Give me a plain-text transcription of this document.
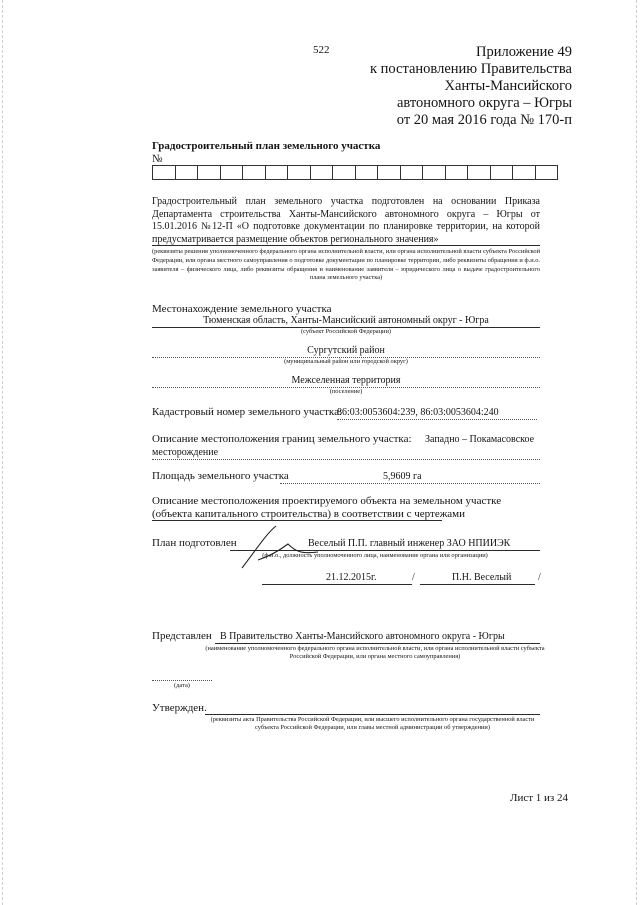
522	Приложение 49
к постановлению Правительства
Ханты-Мансийского
автономного округа – Югры
от 20 мая 2016 года № 170-п
Градостроительный план земельного участка
№
Градостроительный план земельного участка подготовлен на основании Приказа Департамента строительства Ханты-Мансийского автономного округа – Югры от 15.01.2016 №12-П «О подготовке документации по планировке территории, на которой предусматривается размещение объектов регионального значения»
(реквизиты решения уполномоченного федерального органа исполнительной власти, или органа исполнительной власти субъекта Российской Федерации, или органа местного самоуправления о подготовке документации по планировке территории, либо реквизиты обращения и ф.и.о. заявителя – физического лица, либо реквизиты обращения и наименование заявителя – юридического лица о выдаче градостроительного плана земельного участка)
Местонахождение земельного участка
Тюменская область, Ханты-Мансийский автономный округ - Югра
(субъект Российской Федерации)
Сургутский район
(муниципальный район или городской округ)
Межселенная территория
(поселение)
Кадастровый номер земельного участка:
86:03:0053604:239, 86:03:0053604:240
Описание местоположения границ земельного участка: Западно – Покамасовское
месторождение
Площадь земельного участка	5,9609 га
Описание местоположения проектируемого объекта на земельном участке
(объекта капитального строительства) в соответствии с чертежами
План подготовлен	Веселый П.П. главный инженер ЗАО НПИИЭК
(ф.и.о., должность уполномоченного лица, наименование органа или организации)
21.12.2015г.	/	П.Н. Веселый	/
Представлен В Правительство Ханты-Мансийского автономного округа - Югры
(наименование уполномоченного федерального органа исполнительной власти, или органа исполнительной власти субъекта Российской Федерации, или органа местного самоуправления)
(дата)
Утвержден.
(реквизиты акта Правительства Российской Федерации, или высшего исполнительного органа государственной власти субъекта Российской Федерации, или главы местной администрации об утверждении)
Лист 1 из 24
